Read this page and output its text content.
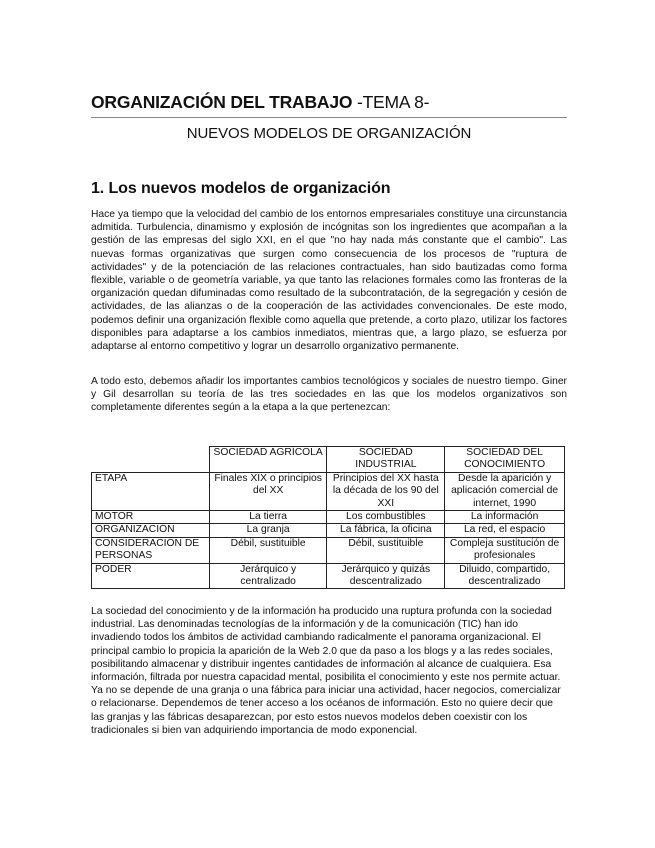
ORGANIZACIÓN DEL TRABAJO -TEMA 8-
NUEVOS MODELOS DE ORGANIZACIÓN
1. Los nuevos modelos de organización

Hace ya tiempo que la velocidad del cambio de los entornos empresariales constituye una circunstancia admitida. Turbulencia, dinamismo y explosión de incógnitas son los ingredientes que acompañan a la gestión de las empresas del siglo XXI, en el que "no hay nada más constante que el cambio". Las nuevas formas organizativas que surgen como consecuencia de los procesos de "ruptura de actividades" y de la potenciación de las relaciones contractuales, han sido bautizadas como forma flexible, variable o de geometría variable, ya que tanto las relaciones formales como las fronteras de la organización quedan difuminadas como resultado de la subcontratación, de la segregación y cesión de actividades, de las alianzas o de la cooperación de las actividades convencionales. De este modo, podemos definir una organización flexible como aquella que pretende, a corto plazo, utilizar los factores disponibles para adaptarse a los cambios inmediatos, mientras que, a largo plazo, se esfuerza por adaptarse al entorno competitivo y lograr un desarrollo organizativo permanente.

A todo esto, debemos añadir los importantes cambios tecnológicos y sociales de nuestro tiempo. Giner y Gil desarrollan su teoría de las tres sociedades en las que los modelos organizativos son completamente diferentes según a la etapa a la que pertenezcan:

	SOCIEDAD AGRÍCOLA	SOCIEDAD INDUSTRIAL	SOCIEDAD DEL CONOCIMIENTO
ETAPA	Finales XIX o principios del XX	Principios del XX hasta la década de los 90 del XXI	Desde la aparición y aplicación comercial de internet, 1990
MOTOR	La tierra	Los combustibles	La información
ORGANIZACIÓN	La granja	La fábrica, la oficina	La red, el espacio
CONSIDERACIÓN DE PERSONAS	Débil, sustituible	Débil, sustituible	Compleja sustitución de profesionales
PODER	Jerárquico y centralizado	Jerárquico y quizás descentralizado	Diluido, compartido, descentralizado

La sociedad del conocimiento y de la información ha producido una ruptura profunda con la sociedad industrial. Las denominadas tecnologías de la información y de la comunicación (TIC) han ido invadiendo todos los ámbitos de actividad cambiando radicalmente el panorama organizacional. El principal cambio lo propicia la aparición de la Web 2.0 que da paso a los blogs y a las redes sociales, posibilitando almacenar y distribuir ingentes cantidades de información al alcance de cualquiera. Esa información, filtrada por nuestra capacidad mental, posibilita el conocimiento y este nos permite actuar. Ya no se depende de una granja o una fábrica para iniciar una actividad, hacer negocios, comercializar o relacionarse. Dependemos de tener acceso a los océanos de información. Esto no quiere decir que las granjas y las fábricas desaparezcan, por esto estos nuevos modelos deben coexistir con los tradicionales si bien van adquiriendo importancia de modo exponencial.
